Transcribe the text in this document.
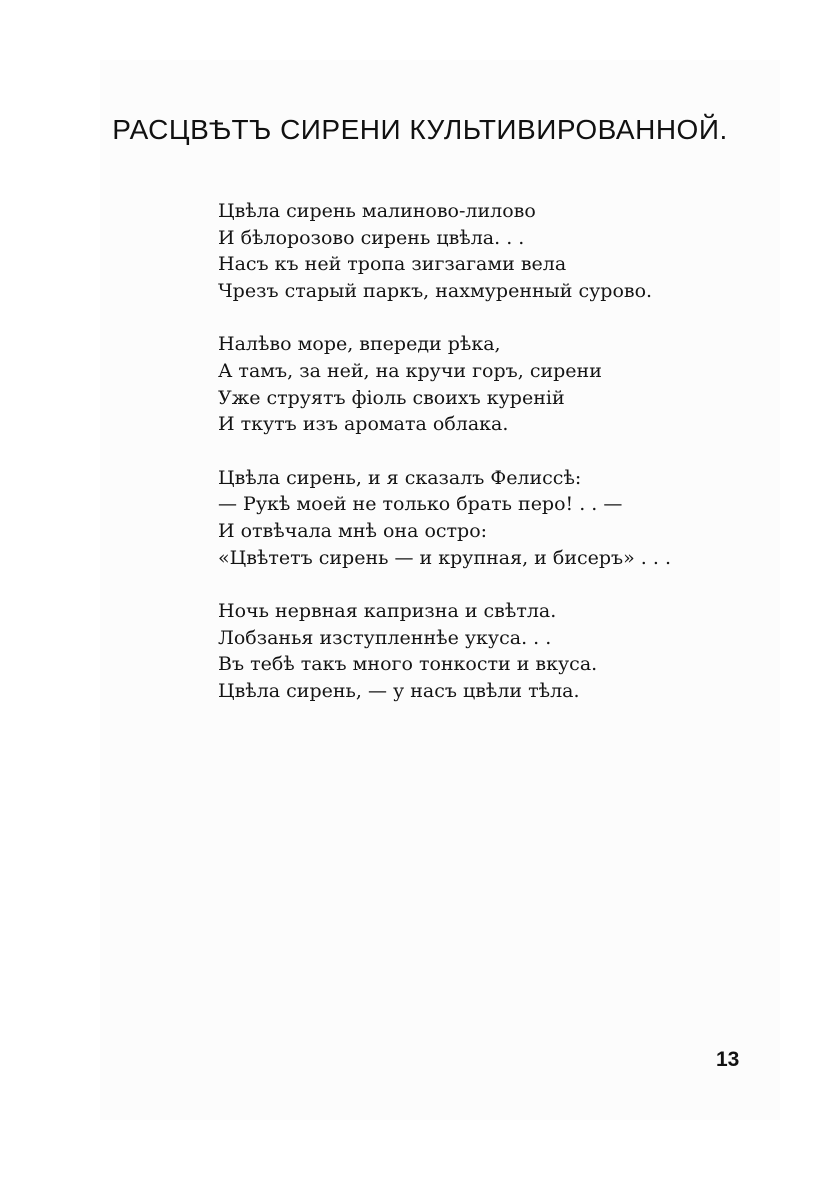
РАСЦВѢТЪ СИРЕНИ КУЛЬТИВИРОВАННОЙ.
Цвѣла сирень малиново-лилово
И бѣлорозово сирень цвѣла. . .
Насъ къ ней тропа зигзагами вела
Чрезъ старый паркъ, нахмуренный сурово.
Налѣво море, впереди рѣка,
А тамъ, за ней, на кручи горъ, сирени
Уже струятъ фіоль своихъ куреній
И ткутъ изъ аромата облака.
Цвѣла сирень, и я сказалъ Фелиссѣ:
— Рукѣ моей не только брать перо! . . —
И отвѣчала мнѣ она остро:
«Цвѣтетъ сирень — и крупная, и бисеръ» . . .
Ночь нервная капризна и свѣтла.
Лобзанья изступленнѣе укуса. . .
Въ тебѣ такъ много тонкости и вкуса.
Цвѣла сирень, — у насъ цвѣли тѣла.
13
